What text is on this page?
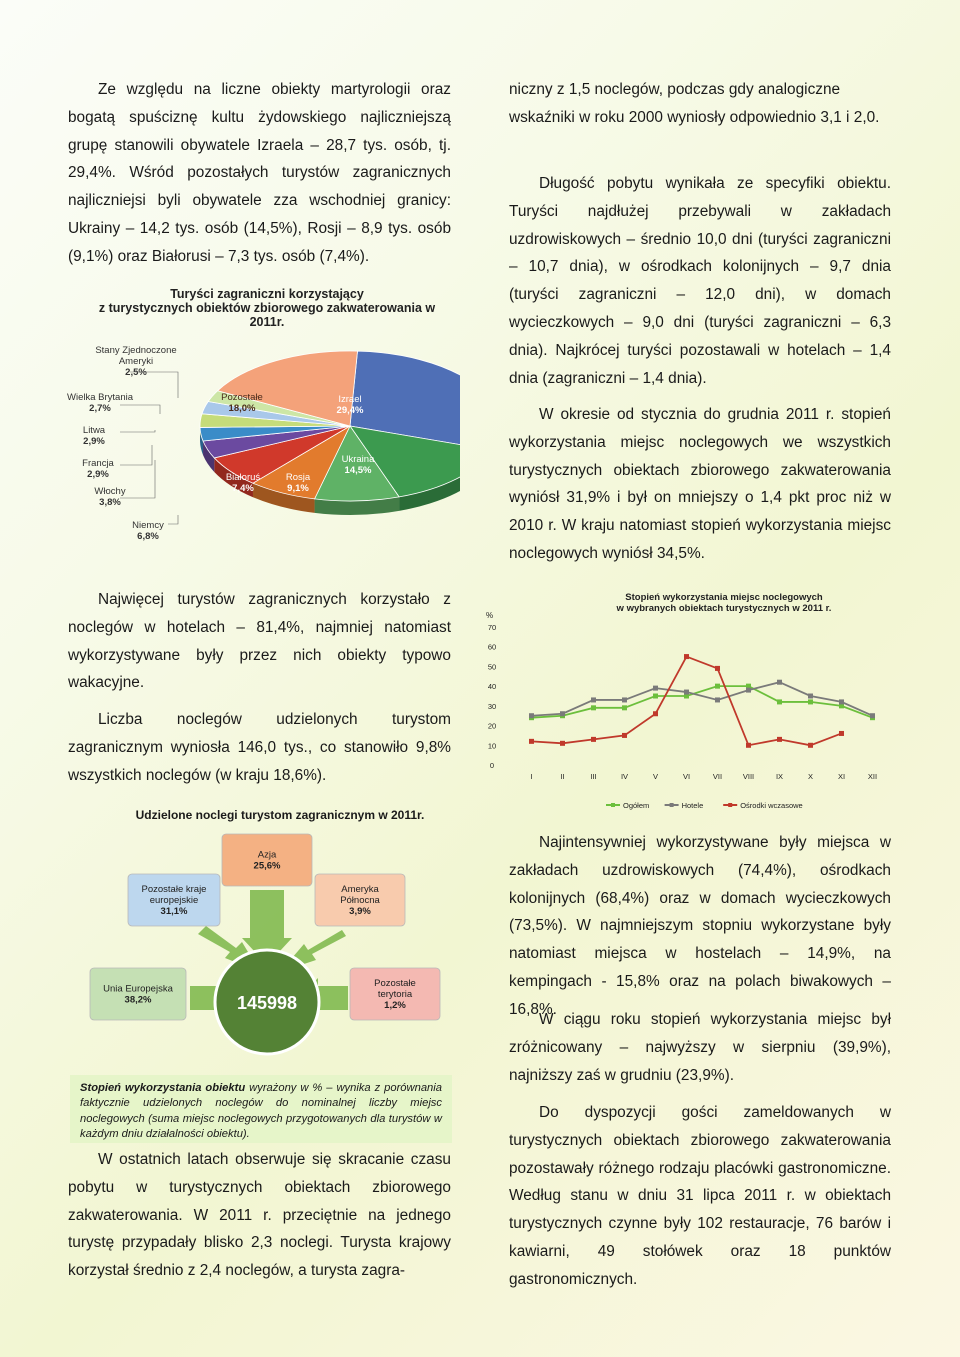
Ze względu na liczne obiekty martyrologii oraz bogatą spuściznę kultu żydowskiego najliczniejszą grupę stanowili obywatele Izraela – 28,7 tys. osób, tj. 29,4%. Wśród pozostałych turystów zagranicznych najliczniejsi byli obywatele zza wschodniej granicy: Ukrainy – 14,2 tys. osób (14,5%), Rosji – 8,9 tys. osób (9,1%) oraz Białorusi – 7,3 tys. osób (7,4%).

niczny z 1,5 noclegów, podczas gdy analogiczne wskaźniki w roku 2000 wyniosły odpowiednio 3,1 i 2,0.

Długość pobytu wynikała ze specyfiki obiektu. Turyści najdłużej przebywali w zakładach uzdrowiskowych – średnio 10,0 dni (turyści zagraniczni – 10,7 dnia), w ośrodkach kolonijnych – 9,7 dnia (turyści zagraniczni – 12,0 dni), w domach wycieczkowych – 9,0 dni (turyści zagraniczni – 6,3 dnia). Najkrócej turyści pozostawali w hotelach – 1,4 dnia (zagraniczni – 1,4 dnia).

W okresie od stycznia do grudnia 2011 r. stopień wykorzystania miejsc noclegowych we wszystkich turystycznych obiektach zbiorowego zakwaterowania wyniósł 31,9% i był on mniejszy o 1,4 pkt proc niż w 2010 r. W kraju natomiast stopień wykorzystania miejsc noclegowych wyniósł 34,5%.

Najwięcej turystów zagranicznych korzystało z noclegów w hotelach – 81,4%, najmniej natomiast wykorzystywane były przez nich obiekty typowo wakacyjne.

Liczba noclegów udzielonych turystom zagranicznym wyniosła 146,0 tys., co stanowiło 9,8% wszystkich noclegów (w kraju 18,6%).

W ostatnich latach obserwuje się skracanie czasu pobytu w turystycznych obiektach zbiorowego zakwaterowania. W 2011 r. przeciętnie na jednego turystę przypadały blisko 2,3 noclegi. Turysta krajowy korzystał średnio z 2,4 noclegów, a turysta zagra-

Najintensywniej wykorzystywane były miejsca w zakładach uzdrowiskowych (74,4%), ośrodkach kolonijnych (68,4%) oraz w domach wycieczkowych (73,5%). W najmniejszym stopniu wykorzystane były natomiast miejsca w hostelach – 14,9%, na kempingach - 15,8% oraz na polach biwakowych – 16,8%.

W ciągu roku stopień wykorzystania miejsc był zróżnicowany – najwyższy w sierpniu (39,9%), najniższy zaś w grudniu (23,9%).

Do dyspozycji gości zameldowanych w turystycznych obiektach zbiorowego zakwaterowania pozostawały różnego rodzaju placówki gastronomiczne. Według stanu w dniu 31 lipca 2011 r. w obiektach turystycznych czynne były 102 restauracje, 76 barów i kawiarni, 49 stołówek oraz 18 punktów gastronomicznych.

Turyści zagraniczni korzystający z turystycznych obiektów zbiorowego zakwaterowania w 2011r.
Izrael 29,4%
Ukraina 14,5%
Rosja 9,1%
Białoruś 7,4%
Niemcy 6,8%
Włochy 3,8%
Francja 2,9%
Litwa 2,9%
Wielka Brytania 2,7%
Stany Zjednoczone Ameryki 2,5%
Pozostałe 18,0%
Stopień wykorzystania miejsc noclegowych
w wybranych obiektach turystycznych w 2011 r.
%
0
10
20
30
40
50
60
70
I	II	III	IV	V	VI	VII	VIII	IX	X	XI	XII
Ogółem	Hotele	Ośrodki wczasowe
Udzielone noclegi turystom zagranicznym w 2011r.
145998
Azja 25,6%
Pozostałe kraje europejskie 31,1%
Ameryka Północna 3,9%
Unia Europejska 38,2%
Pozostałe terytoria 1,2%
Stopień wykorzystania obiektu wyrażony w % – wynika z porównania faktycznie udzielonych noclegów do nominalnej liczby miejsc noclegowych (suma miejsc noclegowych przygotowanych dla turystów w każdym dniu działalności obiektu).
